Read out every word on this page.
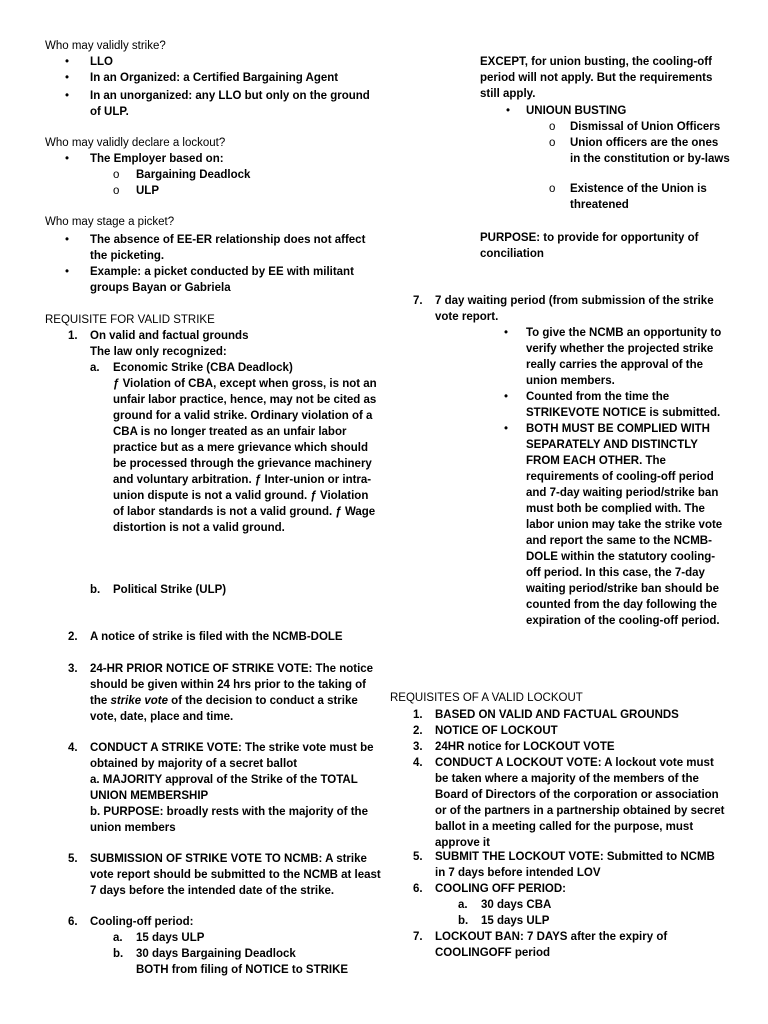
Who may validly strike?
• LLO
• In an Organized: a Certified Bargaining Agent
• In an unorganized: any LLO but only on the ground
of ULP.
Who may validly declare a lockout?
• The Employer based on:
o Bargaining Deadlock
o ULP
Who may stage a picket?
• The absence of EE-ER relationship does not affect
the picketing.
• Example: a picket conducted by EE with militant
groups Bayan or Gabriela
REQUISITE FOR VALID STRIKE
1. On valid and factual grounds
The law only recognized:
a. Economic Strike (CBA Deadlock)
ƒ Violation of CBA, except when gross, is not an unfair labor practice, hence, may not be cited as ground for a valid strike. Ordinary violation of a CBA is no longer treated as an unfair labor practice but as a mere grievance which should be processed through the grievance machinery and voluntary arbitration. ƒ Inter-union or intra-union dispute is not a valid ground. ƒ Violation of labor standards is not a valid ground. ƒ Wage distortion is not a valid ground.
b. Political Strike (ULP)
2. A notice of strike is filed with the NCMB-DOLE
3. 24-HR PRIOR NOTICE OF STRIKE VOTE: The notice should be given within 24 hrs prior to the taking of the strike vote of the decision to conduct a strike vote, date, place and time.
4. CONDUCT A STRIKE VOTE: The strike vote must be obtained by majority of a secret ballot
a. MAJORITY approval of the Strike of the TOTAL UNION MEMBERSHIP
b. PURPOSE: broadly rests with the majority of the union members
5. SUBMISSION OF STRIKE VOTE TO NCMB: A strike vote report should be submitted to the NCMB at least 7 days before the intended date of the strike.
6. Cooling-off period:
a. 15 days ULP
b. 30 days Bargaining Deadlock
BOTH from filing of NOTICE to STRIKE
EXCEPT, for union busting, the cooling-off period will not apply. But the requirements still apply.
• UNIOUN BUSTING
o Dismissal of Union Officers
o Union officers are the ones in the constitution or by-laws
o Existence of the Union is threatened
PURPOSE: to provide for opportunity of conciliation
7. 7 day waiting period (from submission of the strike vote report.
• To give the NCMB an opportunity to verify whether the projected strike really carries the approval of the union members.
• Counted from the time the STRIKEVOTE NOTICE is submitted.
• BOTH MUST BE COMPLIED WITH SEPARATELY AND DISTINCTLY FROM EACH OTHER. The requirements of cooling-off period and 7-day waiting period/strike ban must both be complied with. The labor union may take the strike vote and report the same to the NCMB-DOLE within the statutory cooling-off period. In this case, the 7-day waiting period/strike ban should be counted from the day following the expiration of the cooling-off period.
REQUISITES OF A VALID LOCKOUT
1. BASED ON VALID AND FACTUAL GROUNDS
2. NOTICE OF LOCKOUT
3. 24HR notice for LOCKOUT VOTE
4. CONDUCT A LOCKOUT VOTE: A lockout vote must be taken where a majority of the members of the Board of Directors of the corporation or association or of the partners in a partnership obtained by secret ballot in a meeting called for the purpose, must approve it
5. SUBMIT THE LOCKOUT VOTE: Submitted to NCMB in 7 days before intended LOV
6. COOLING OFF PERIOD:
a. 30 days CBA
b. 15 days ULP
7. LOCKOUT BAN: 7 DAYS after the expiry of COOLINGOFF period
